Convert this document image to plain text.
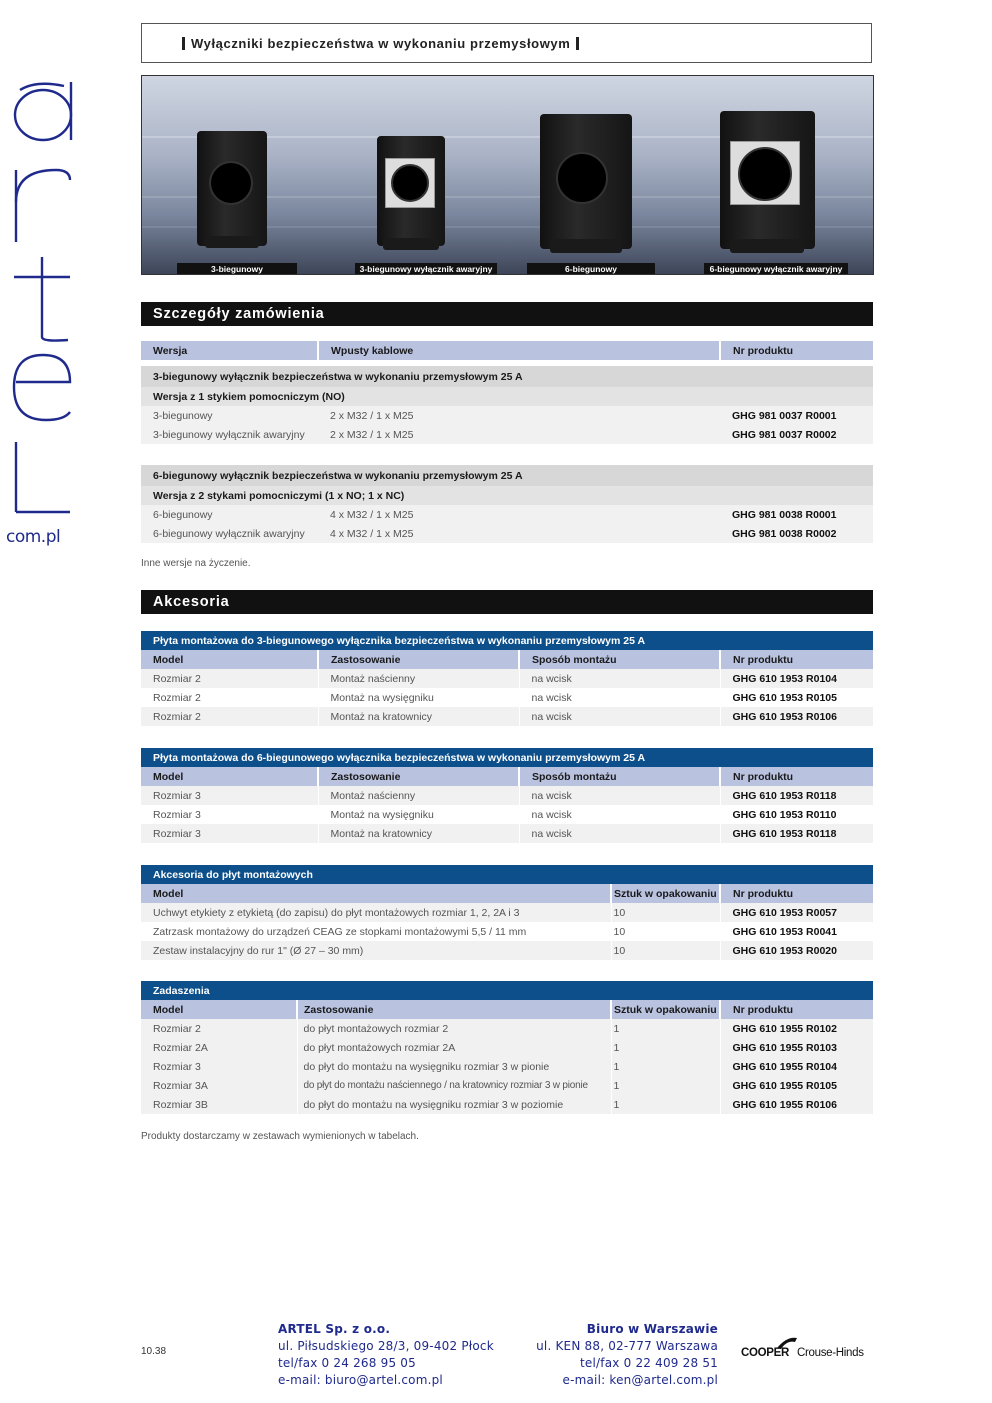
com.pl
Wyłączniki bezpieczeństwa w wykonaniu przemysłowym
3-biegunowy	3-biegunowy wyłącznik awaryjny	6-biegunowy	6-biegunowy wyłącznik awaryjny
Szczegóły zamówienia
Wersja	Wpusty kablowe	Nr produktu

3-biegunowy wyłącznik bezpieczeństwa w wykonaniu przemysłowym 25 A		
Wersja z 1 stykiem pomocniczym (NO)		
3-biegunowy	2 x M32 / 1 x M25	GHG 981 0037 R0001
3-biegunowy wyłącznik awaryjny	2 x M32 / 1 x M25	GHG 981 0037 R0002

6-biegunowy wyłącznik bezpieczeństwa w wykonaniu przemysłowym 25 A		
Wersja z 2 stykami pomocniczymi (1 x NO; 1 x NC)		
6-biegunowy	4 x M32 / 1 x M25	GHG 981 0038 R0001
6-biegunowy wyłącznik awaryjny	4 x M32 / 1 x M25	GHG 981 0038 R0002
Inne wersje na życzenie.
Akcesoria
Płyta montażowa do 3-biegunowego wyłącznika bezpieczeństwa w wykonaniu przemysłowym 25 A			
Model	Zastosowanie	Sposób montażu	Nr produktu
Rozmiar 2	Montaż naścienny	na wcisk	GHG 610 1953 R0104
Rozmiar 2	Montaż na wysięgniku	na wcisk	GHG 610 1953 R0105
Rozmiar 2	Montaż na kratownicy	na wcisk	GHG 610 1953 R0106
Płyta montażowa do 6-biegunowego wyłącznika bezpieczeństwa w wykonaniu przemysłowym 25 A			
Model	Zastosowanie	Sposób montażu	Nr produktu
Rozmiar 3	Montaż naścienny	na wcisk	GHG 610 1953 R0118
Rozmiar 3	Montaż na wysięgniku	na wcisk	GHG 610 1953 R0110
Rozmiar 3	Montaż na kratownicy	na wcisk	GHG 610 1953 R0118
Akcesoria do płyt montażowych		
Model	Sztuk w opakowaniu	Nr produktu
Uchwyt etykiety z etykietą (do zapisu) do płyt montażowych rozmiar 1, 2, 2A i 3	10	GHG 610 1953 R0057
Zatrzask montażowy do urządzeń CEAG ze stopkami montażowymi 5,5 / 11 mm	10	GHG 610 1953 R0041
Zestaw instalacyjny do rur 1" (Ø 27 – 30 mm)	10	GHG 610 1953 R0020
Zadaszenia			
Model	Zastosowanie	Sztuk w opakowaniu	Nr produktu
Rozmiar 2	do płyt montażowych rozmiar 2	1	GHG 610 1955 R0102
Rozmiar 2A	do płyt montażowych rozmiar 2A	1	GHG 610 1955 R0103
Rozmiar 3	do płyt do montażu na wysięgniku rozmiar 3 w pionie	1	GHG 610 1955 R0104
Rozmiar 3A	do płyt do montażu naściennego / na kratownicy rozmiar 3 w pionie	1	GHG 610 1955 R0105
Rozmiar 3B	do płyt do montażu na wysięgniku rozmiar 3 w poziomie	1	GHG 610 1955 R0106
Produkty dostarczamy w zestawach wymienionych w tabelach.
10.38
ARTEL Sp. z o.o.
ul. Piłsudskiego 28/3, 09-402 Płock
tel/fax 0 24 268 95 05
e-mail: biuro@artel.com.pl
Biuro w Warszawie
ul. KEN 88, 02-777 Warszawa
tel/fax 0 22 409 28 51
e-mail: ken@artel.com.pl
COOPER Crouse-Hinds
